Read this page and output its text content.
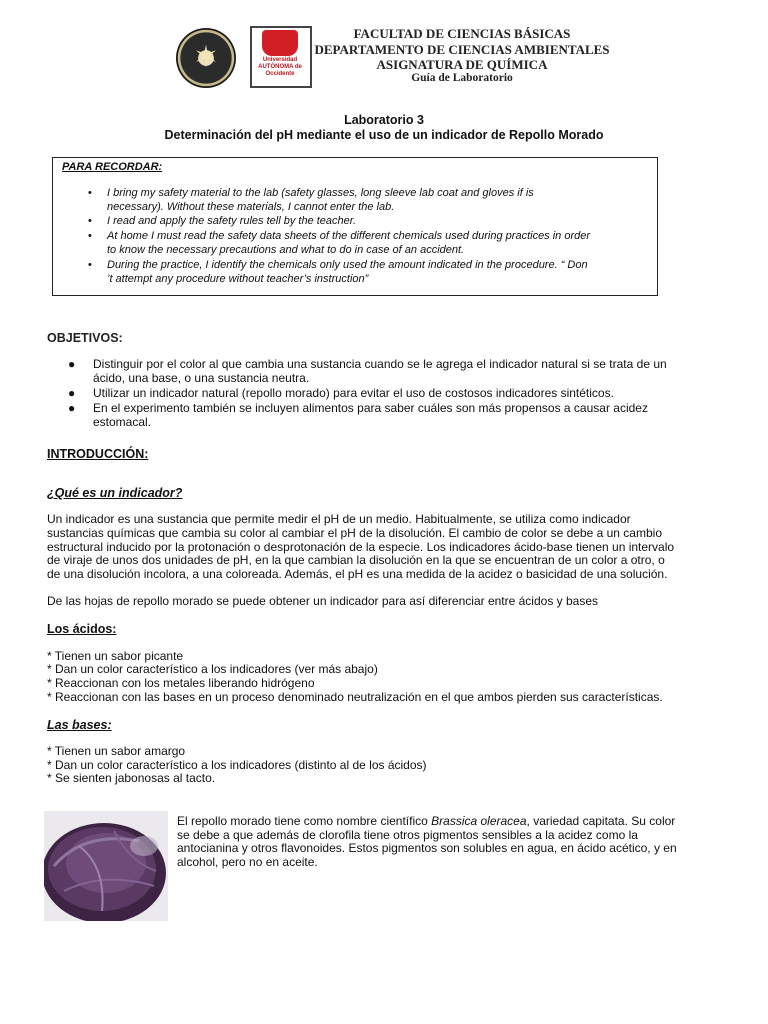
✶	Universidad AUTÓNOMA de Occidente
FACULTAD DE CIENCIAS BÁSICAS
DEPARTAMENTO DE CIENCIAS AMBIENTALES
ASIGNATURA DE QUÍMICA
Guía de Laboratorio
Laboratorio 3
Determinación del pH mediante el uso de un indicador de Repollo Morado
PARA RECORDAR:
• I bring my safety material to the lab (safety glasses, long sleeve lab coat and gloves if is
necessary). Without these materials, I cannot enter the lab.
• I read and apply the safety rules tell by the teacher.
• At home I must read the safety data sheets of the different chemicals used during practices in order
to know the necessary precautions and what to do in case of an accident.
• During the practice, I identify the chemicals only used the amount indicated in the procedure. “ Don
’t attempt any procedure without teacher’s instruction”
OBJETIVOS:
● Distinguir por el color al que cambia una sustancia cuando se le agrega el indicador natural si se trata de un
ácido, una base, o una sustancia neutra.
● Utilizar un indicador natural (repollo morado) para evitar el uso de costosos indicadores sintéticos.
● En el experimento también se incluyen alimentos para saber cuáles son más propensos a causar acidez
estomacal.
INTRODUCCIÓN:
¿Qué es un indicador?
Un indicador es una sustancia que permite medir el pH de un medio. Habitualmente, se utiliza como indicador
sustancias químicas que cambia su color al cambiar el pH de la disolución. El cambio de color se debe a un cambio
estructural inducido por la protonación o desprotonación de la especie. Los indicadores ácido-base tienen un intervalo
de viraje de unos dos unidades de pH, en la que cambian la disolución en la que se encuentran de un color a otro, o
de una disolución incolora, a una coloreada. Además, el pH es una medida de la acidez o basicidad de una solución.
De las hojas de repollo morado se puede obtener un indicador para así diferenciar entre ácidos y bases
Los ácidos:
* Tienen un sabor picante
* Dan un color característico a los indicadores (ver más abajo)
* Reaccionan con los metales liberando hidrógeno
* Reaccionan con las bases en un proceso denominado neutralización en el que ambos pierden sus características.
Las bases:
* Tienen un sabor amargo
* Dan un color característico a los indicadores (distinto al de los ácidos)
* Se sienten jabonosas al tacto.
El repollo morado tiene como nombre científico Brassica oleracea, variedad capitata. Su color
se debe a que además de clorofila tiene otros pigmentos sensibles a la acidez como la
antocianina y otros flavonoides. Estos pigmentos son solubles en agua, en ácido acético, y en
alcohol, pero no en aceite.
